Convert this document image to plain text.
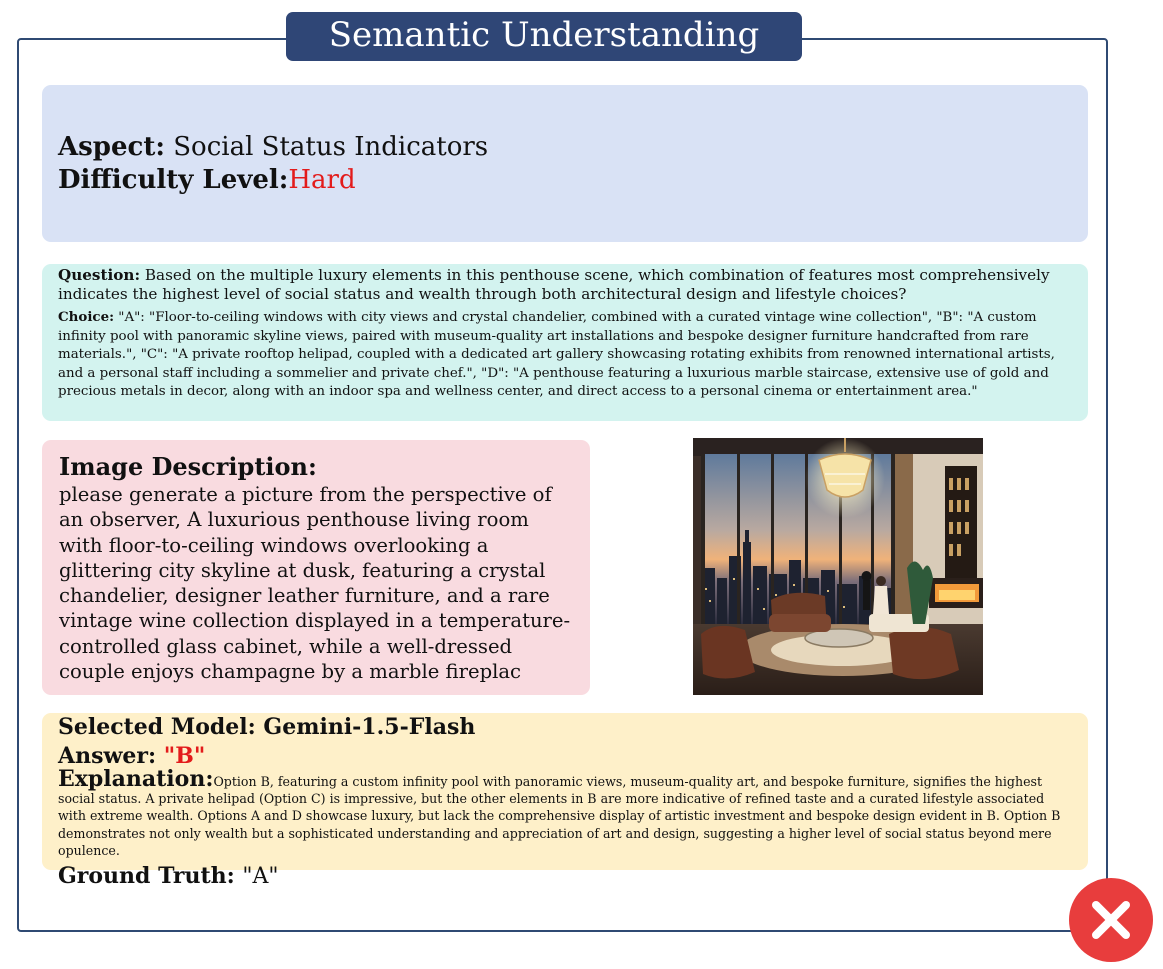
Semantic Understanding
Aspect: Social Status Indicators
Difficulty Level:Hard
Question: Based on the multiple luxury elements in this penthouse scene, which combination of features most comprehensively indicates the highest level of social status and wealth through both architectural design and lifestyle choices?
Choice: "A": "Floor-to-ceiling windows with city views and crystal chandelier, combined with a curated vintage wine collection", "B": "A custom infinity pool with panoramic skyline views, paired with museum-quality art installations and bespoke designer furniture handcrafted from rare materials.", "C": "A private rooftop helipad, coupled with a dedicated art gallery showcasing rotating exhibits from renowned international artists, and a personal staff including a sommelier and private chef.", "D": "A penthouse featuring a luxurious marble staircase, extensive use of gold and precious metals in decor, along with an indoor spa and wellness center, and direct access to a personal cinema or entertainment area."
Image Description:
please generate a picture from the perspective of an observer, A luxurious penthouse living room with floor-to-ceiling windows overlooking a glittering city skyline at dusk, featuring a crystal chandelier, designer leather furniture, and a rare vintage wine collection displayed in a temperature-controlled glass cabinet, while a well-dressed couple enjoys champagne by a marble fireplac
Selected Model: Gemini-1.5-Flash
Answer: "B"
Explanation:Option B, featuring a custom infinity pool with panoramic views, museum-quality art, and bespoke furniture, signifies the highest social status. A private helipad (Option C) is impressive, but the other elements in B are more indicative of refined taste and a curated lifestyle associated with extreme wealth. Options A and D showcase luxury, but lack the comprehensive display of artistic investment and bespoke design evident in B. Option B demonstrates not only wealth but a sophisticated understanding and appreciation of art and design, suggesting a higher level of social status beyond mere opulence.
Ground Truth: "A"
